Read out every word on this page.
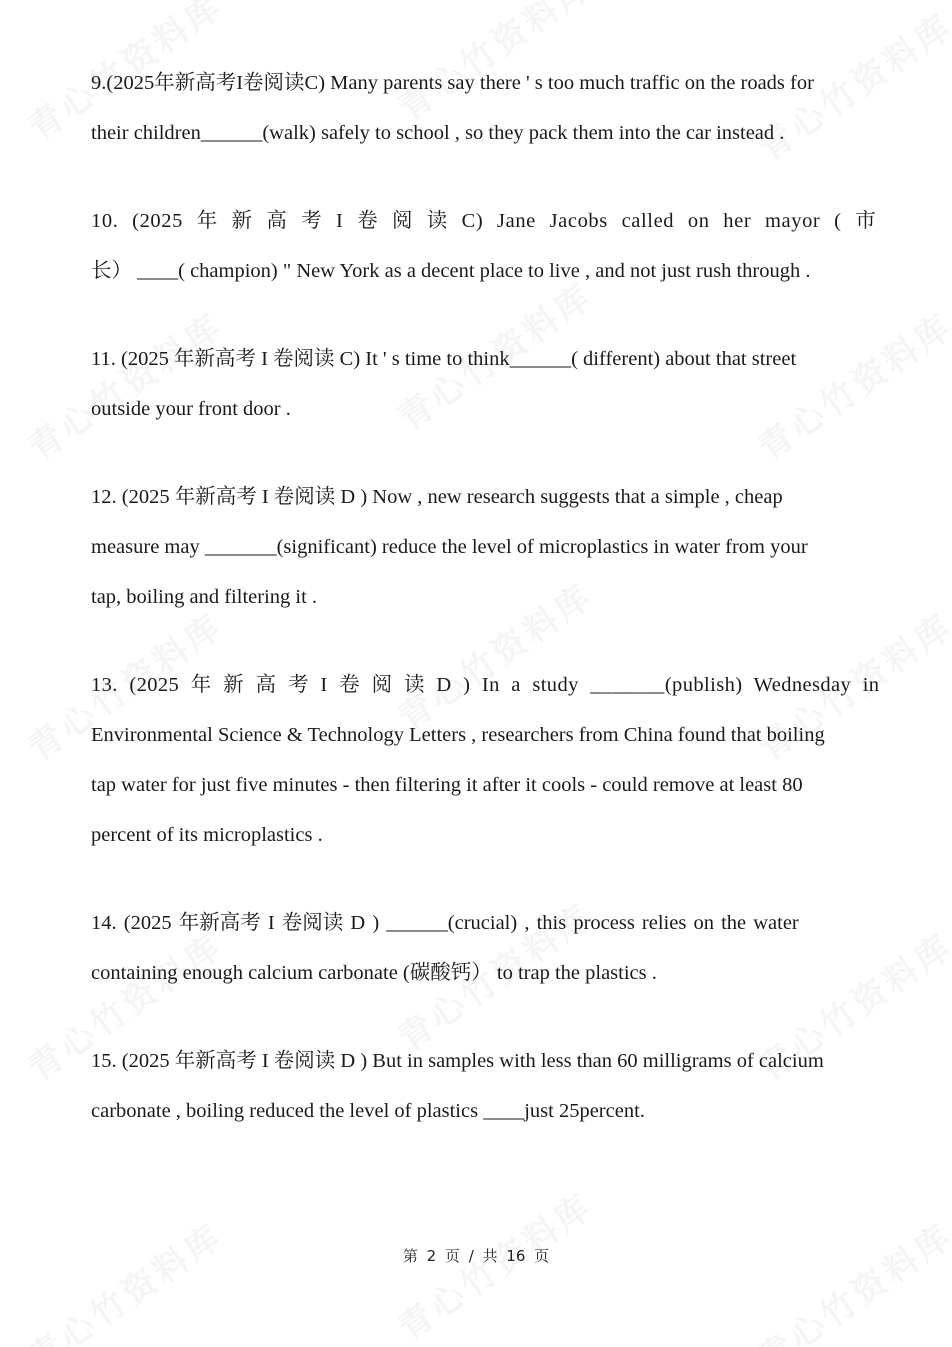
9.(2025年新高考I卷阅读C) Many parents say there ' s too much traffic on the roads for
their children______(walk) safely to school , so they pack them into the car instead .
10. (2025 年 新 高 考 I 卷 阅 读 C) Jane Jacobs called on her mayor ( 市
长） ____( champion) " New York as a decent place to live , and not just rush through .
11. (2025 年新高考 I 卷阅读 C) It ' s time to think______( different) about that street
outside your front door .
12. (2025 年新高考 I 卷阅读 D ) Now , new research suggests that a simple , cheap
measure may _______(significant) reduce the level of microplastics in water from your
tap, boiling and filtering it .
13. (2025 年 新 高 考 I 卷 阅 读 D ) In a study _______(publish) Wednesday in
Environmental Science & Technology Letters , researchers from China found that boiling
tap water for just five minutes - then filtering it after it cools - could remove at least 80
percent of its microplastics .
14. (2025 年新高考 I 卷阅读 D ) ______(crucial) , this process relies on the water
containing enough calcium carbonate (碳酸钙） to trap the plastics .
15. (2025 年新高考 I 卷阅读 D ) But in samples with less than 60 milligrams of calcium
carbonate , boiling reduced the level of plastics ____just 25percent.
第 2 页 / 共 16 页
